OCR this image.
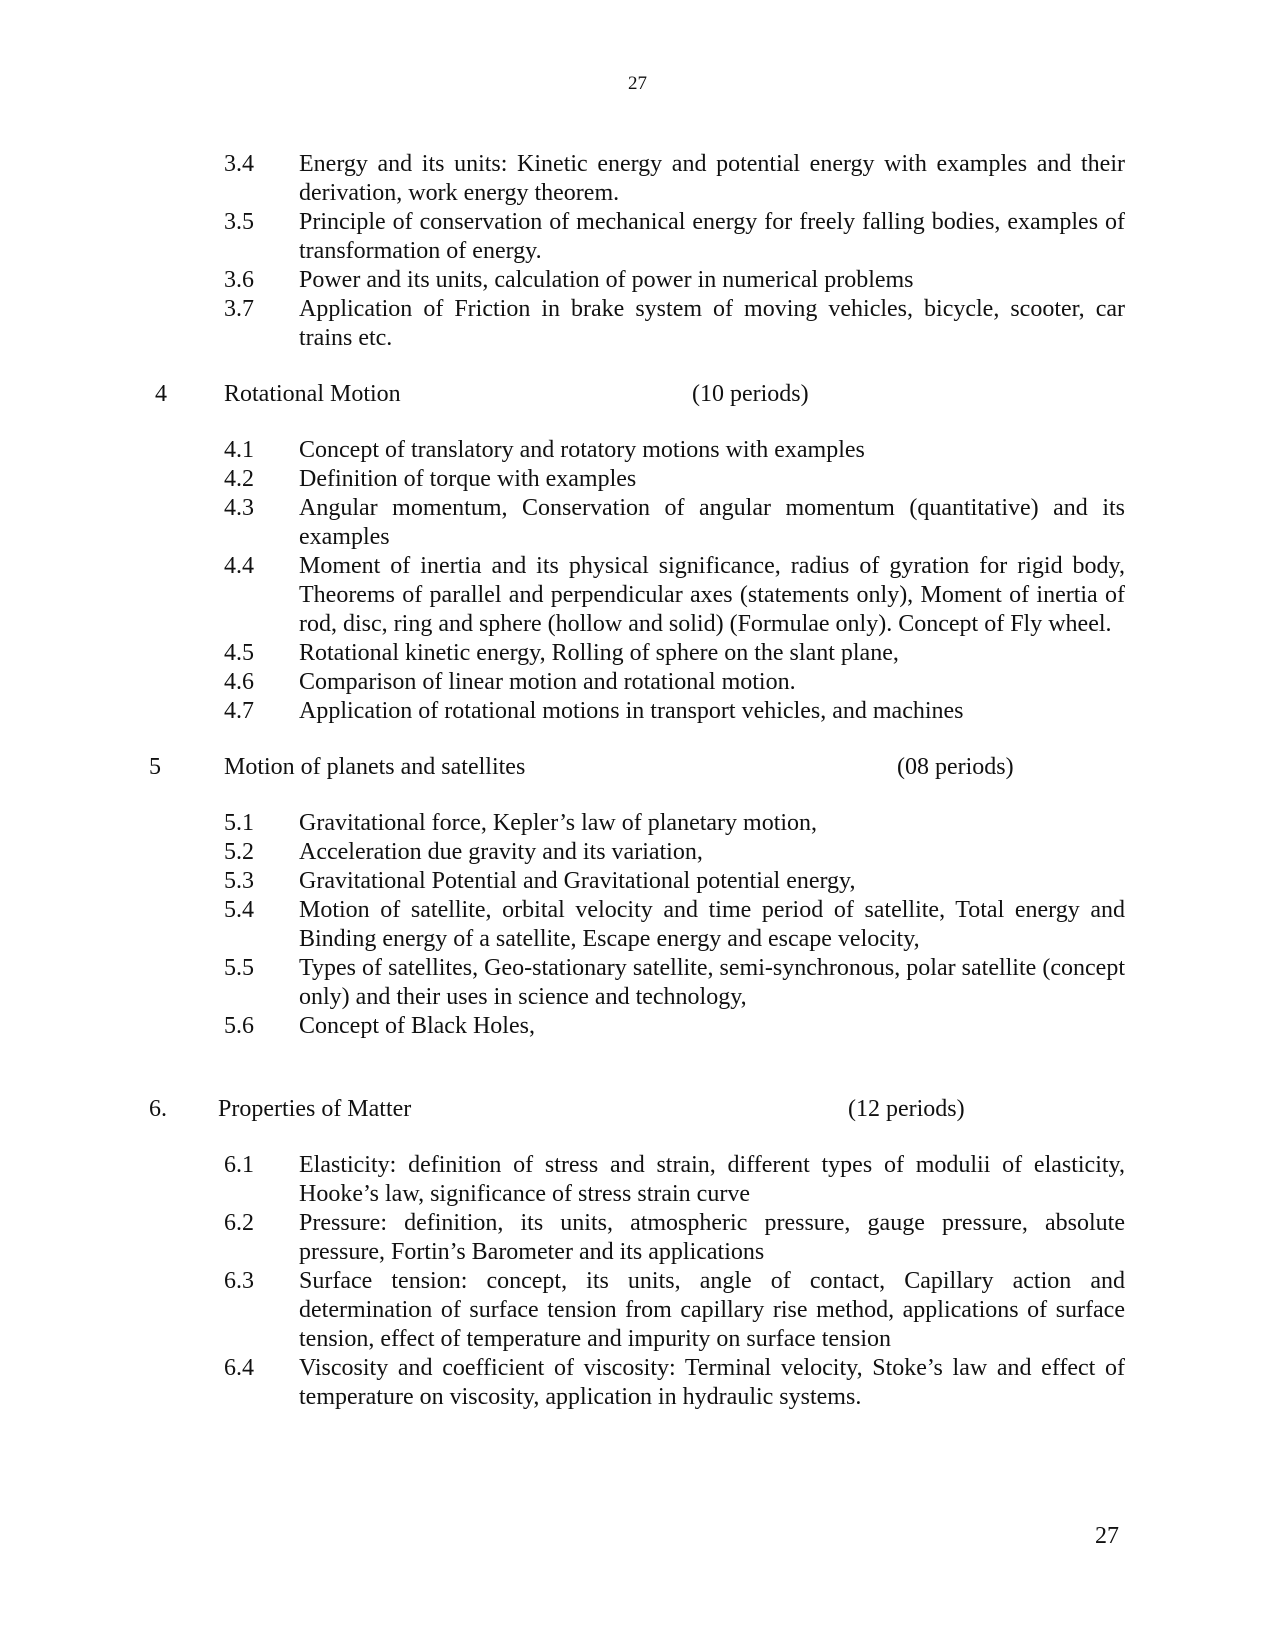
27
3.4 Energy and its units: Kinetic energy and potential energy with examples and their derivation, work energy theorem.
3.5 Principle of conservation of mechanical energy for freely falling bodies, examples of transformation of energy.
3.6 Power and its units, calculation of power in numerical problems
3.7 Application of Friction in brake system of moving vehicles, bicycle, scooter, car trains etc.
4 Rotational Motion	(10 periods)
4.1 Concept of translatory and rotatory motions with examples
4.2 Definition of torque with examples
4.3 Angular momentum, Conservation of angular momentum (quantitative) and its examples
4.4 Moment of inertia and its physical significance, radius of gyration for rigid body, Theorems of parallel and perpendicular axes (statements only), Moment of inertia of rod, disc, ring and sphere (hollow and solid) (Formulae only). Concept of Fly wheel.
4.5 Rotational kinetic energy, Rolling of sphere on the slant plane,
4.6 Comparison of linear motion and rotational motion.
4.7 Application of rotational motions in transport vehicles, and machines
5	Motion of planets and satellites	(08 periods)
5.1 Gravitational force, Kepler’s law of planetary motion,
5.2 Acceleration due gravity and its variation,
5.3 Gravitational Potential and Gravitational potential energy,
5.4 Motion of satellite, orbital velocity and time period of satellite, Total energy and Binding energy of a satellite, Escape energy and escape velocity,
5.5 Types of satellites, Geo-stationary satellite, semi-synchronous, polar satellite (concept only) and their uses in science and technology,
5.6 Concept of Black Holes,
6. Properties of Matter	(12 periods)
6.1 Elasticity: definition of stress and strain, different types of modulii of elasticity, Hooke’s law, significance of stress strain curve
6.2 Pressure: definition, its units, atmospheric pressure, gauge pressure, absolute pressure, Fortin’s Barometer and its applications
6.3 Surface tension: concept, its units, angle of contact, Capillary action and determination of surface tension from capillary rise method, applications of surface tension, effect of temperature and impurity on surface tension
6.4 Viscosity and coefficient of viscosity: Terminal velocity, Stoke’s law and effect of temperature on viscosity, application in hydraulic systems.
27
